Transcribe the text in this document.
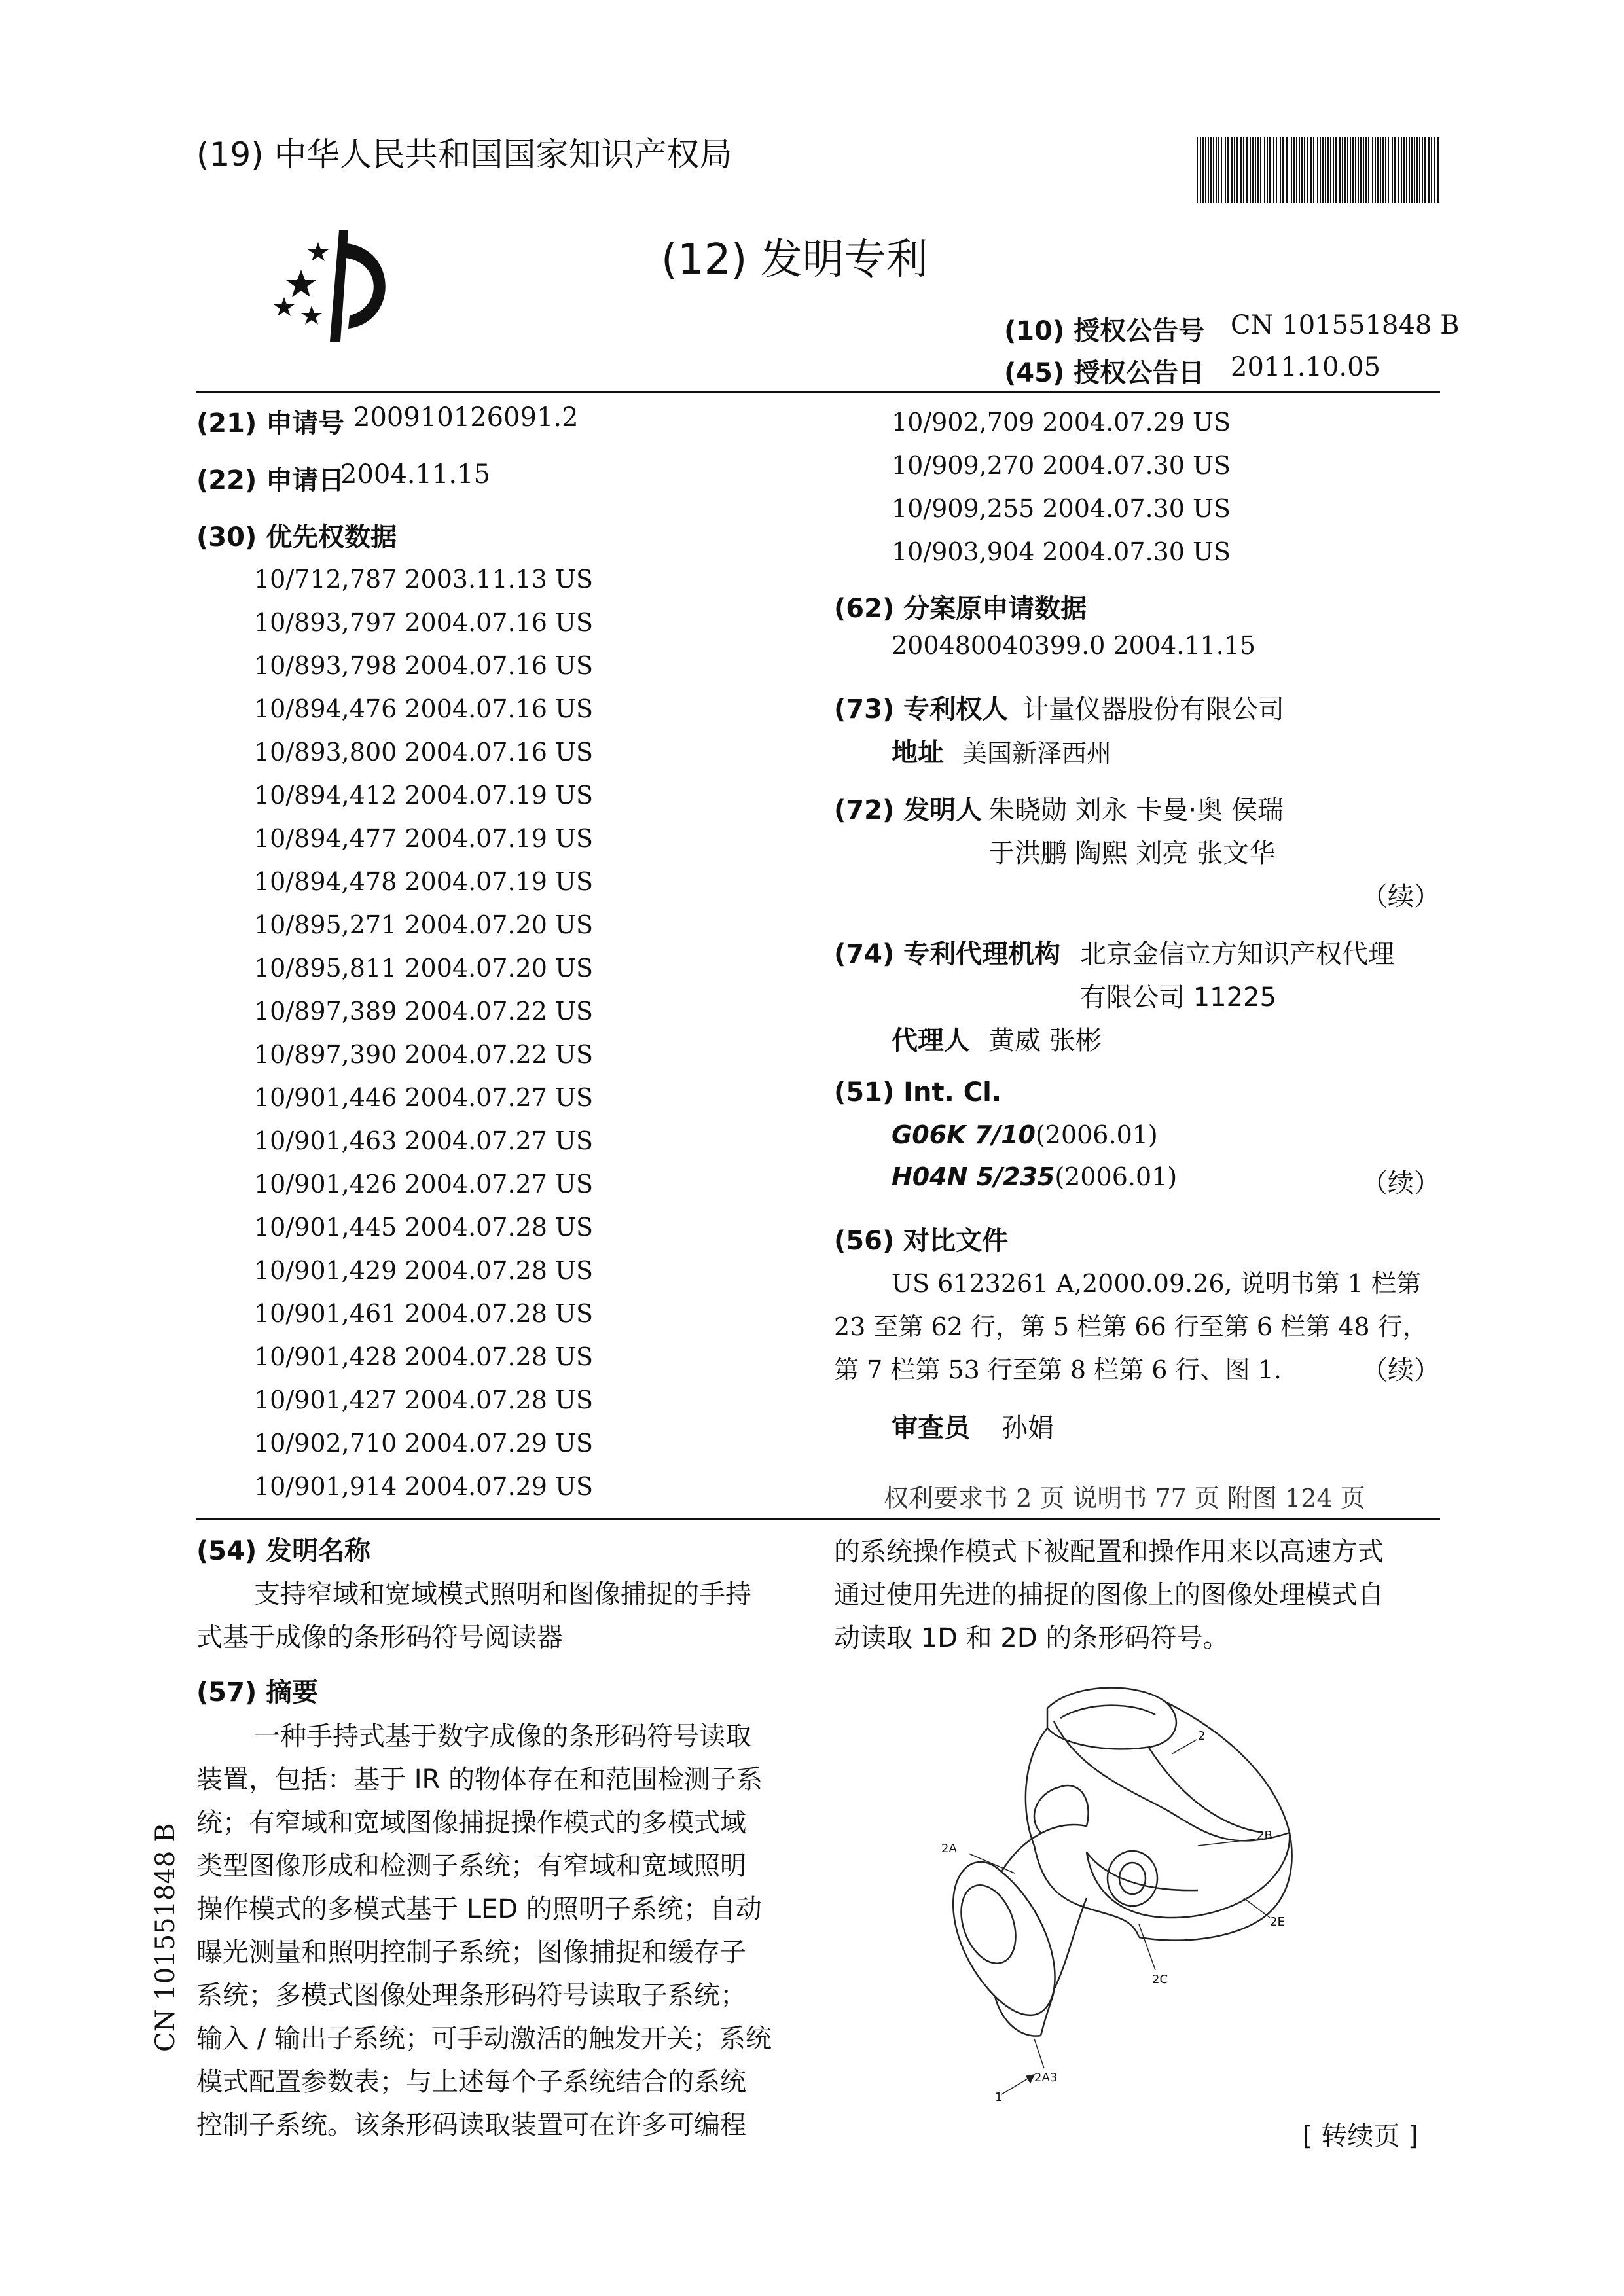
(19) 中华人民共和国国家知识产权局
(12) 发明专利
(10) 授权公告号 CN 101551848 B
(45) 授权公告日 2011.10.05
(21) 申请号 200910126091.2
(22) 申请日
2004.11.15
(30) 优先权数据
10/712,787 2003.11.13 US
10/893,797 2004.07.16 US
10/893,798 2004.07.16 US
10/894,476 2004.07.16 US
10/893,800 2004.07.16 US
10/894,412 2004.07.19 US
10/894,477 2004.07.19 US
10/894,478 2004.07.19 US
10/895,271 2004.07.20 US
10/895,811 2004.07.20 US
10/897,389 2004.07.22 US
10/897,390 2004.07.22 US
10/901,446 2004.07.27 US
10/901,463 2004.07.27 US
10/901,426 2004.07.27 US
10/901,445 2004.07.28 US
10/901,429 2004.07.28 US
10/901,461 2004.07.28 US
10/901,428 2004.07.28 US
10/901,427 2004.07.28 US
10/902,710 2004.07.29 US
10/901,914 2004.07.29 US
10/902,709 2004.07.29 US
10/909,270 2004.07.30 US
10/909,255 2004.07.30 US
10/903,904 2004.07.30 US
(62) 分案原申请数据
200480040399.0 2004.11.15
(73) 专利权人 计量仪器股份有限公司
地址 美国新泽西州
(72) 发明人 朱晓勋 刘永 卡曼·奥 侯瑞
于洪鹏 陶熙 刘亮 张文华
（续）
(74) 专利代理机构 北京金信立方知识产权代理
有限公司 11225
代理人 黄威 张彬
(51) Int. Cl.
G06K 7/10(2006.01)
H04N 5/235(2006.01)	（续）
(56) 对比文件
US 6123261 A,2000.09.26, 说明书第 1 栏第
23 至第 62 行，第 5 栏第 66 行至第 6 栏第 48 行，
第 7 栏第 53 行至第 8 栏第 6 行、图 1.	（续）
审查员 孙娟
权利要求书 2 页 说明书 77 页 附图 124 页
(54) 发明名称
支持窄域和宽域模式照明和图像捕捉的手持
式基于成像的条形码符号阅读器
(57) 摘要
一种手持式基于数字成像的条形码符号读取
装置，包括：基于 IR 的物体存在和范围检测子系
统；有窄域和宽域图像捕捉操作模式的多模式域
类型图像形成和检测子系统；有窄域和宽域照明
操作模式的多模式基于 LED 的照明子系统；自动
曝光测量和照明控制子系统；图像捕捉和缓存子
系统；多模式图像处理条形码符号读取子系统；
输入 / 输出子系统；可手动激活的触发开关；系统
模式配置参数表；与上述每个子系统结合的系统
控制子系统。该条形码读取装置可在许多可编程
的系统操作模式下被配置和操作用来以高速方式
通过使用先进的捕捉的图像上的图像处理模式自
动读取 1D 和 2D 的条形码符号。
CN 101551848 B
2
2B
2A
2E
2C
2A3
1
[ 转续页 ]
